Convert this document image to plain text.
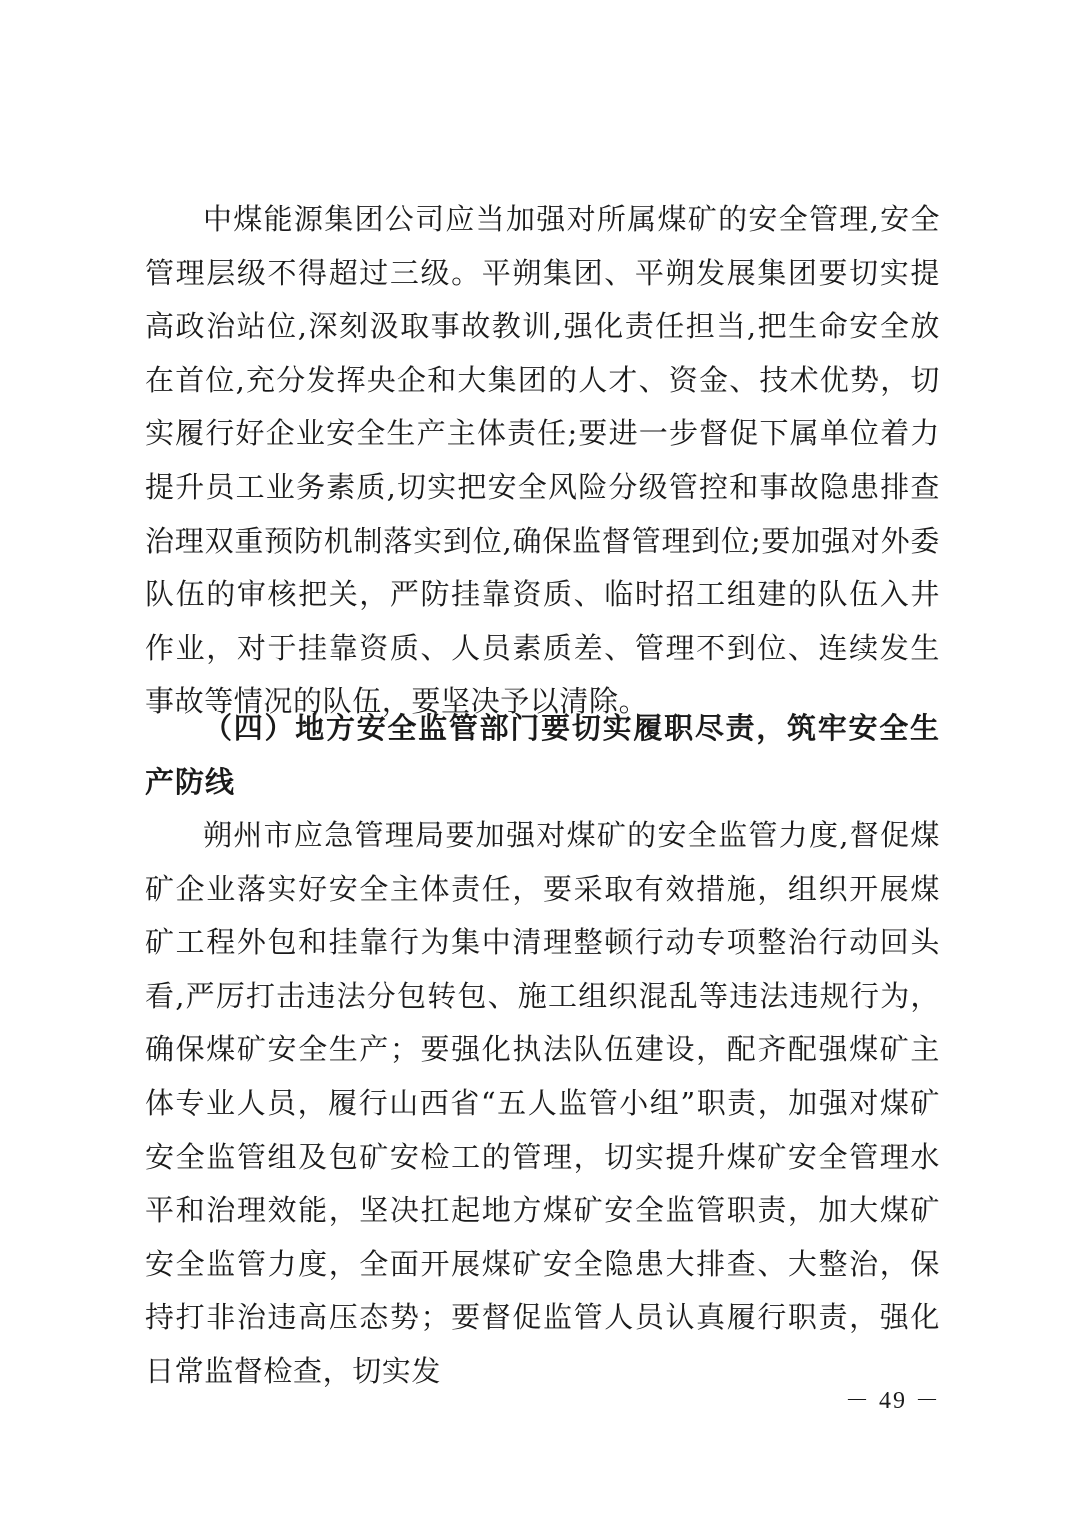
中煤能源集团公司应当加强对所属煤矿的安全管理,安全管理层级不得超过三级。平朔集团、平朔发展集团要切实提高政治站位,深刻汲取事故教训,强化责任担当,把生命安全放在首位,充分发挥央企和大集团的人才、资金、技术优势，切实履行好企业安全生产主体责任;要进一步督促下属单位着力提升员工业务素质,切实把安全风险分级管控和事故隐患排查治理双重预防机制落实到位,确保监督管理到位;要加强对外委队伍的审核把关，严防挂靠资质、临时招工组建的队伍入井作业，对于挂靠资质、人员素质差、管理不到位、连续发生事故等情况的队伍，要坚决予以清除。

（四）地方安全监管部门要切实履职尽责，筑牢安全生产防线

朔州市应急管理局要加强对煤矿的安全监管力度,督促煤矿企业落实好安全主体责任，要采取有效措施，组织开展煤矿工程外包和挂靠行为集中清理整顿行动专项整治行动回头看,严厉打击违法分包转包、施工组织混乱等违法违规行为，确保煤矿安全生产；要强化执法队伍建设，配齐配强煤矿主体专业人员，履行山西省“五人监管小组”职责，加强对煤矿安全监管组及包矿安检工的管理，切实提升煤矿安全管理水平和治理效能，坚决扛起地方煤矿安全监管职责，加大煤矿安全监管力度，全面开展煤矿安全隐患大排查、大整治，保持打非治违高压态势；要督促监管人员认真履行职责，强化日常监督检查，切实发

－ 49 －
